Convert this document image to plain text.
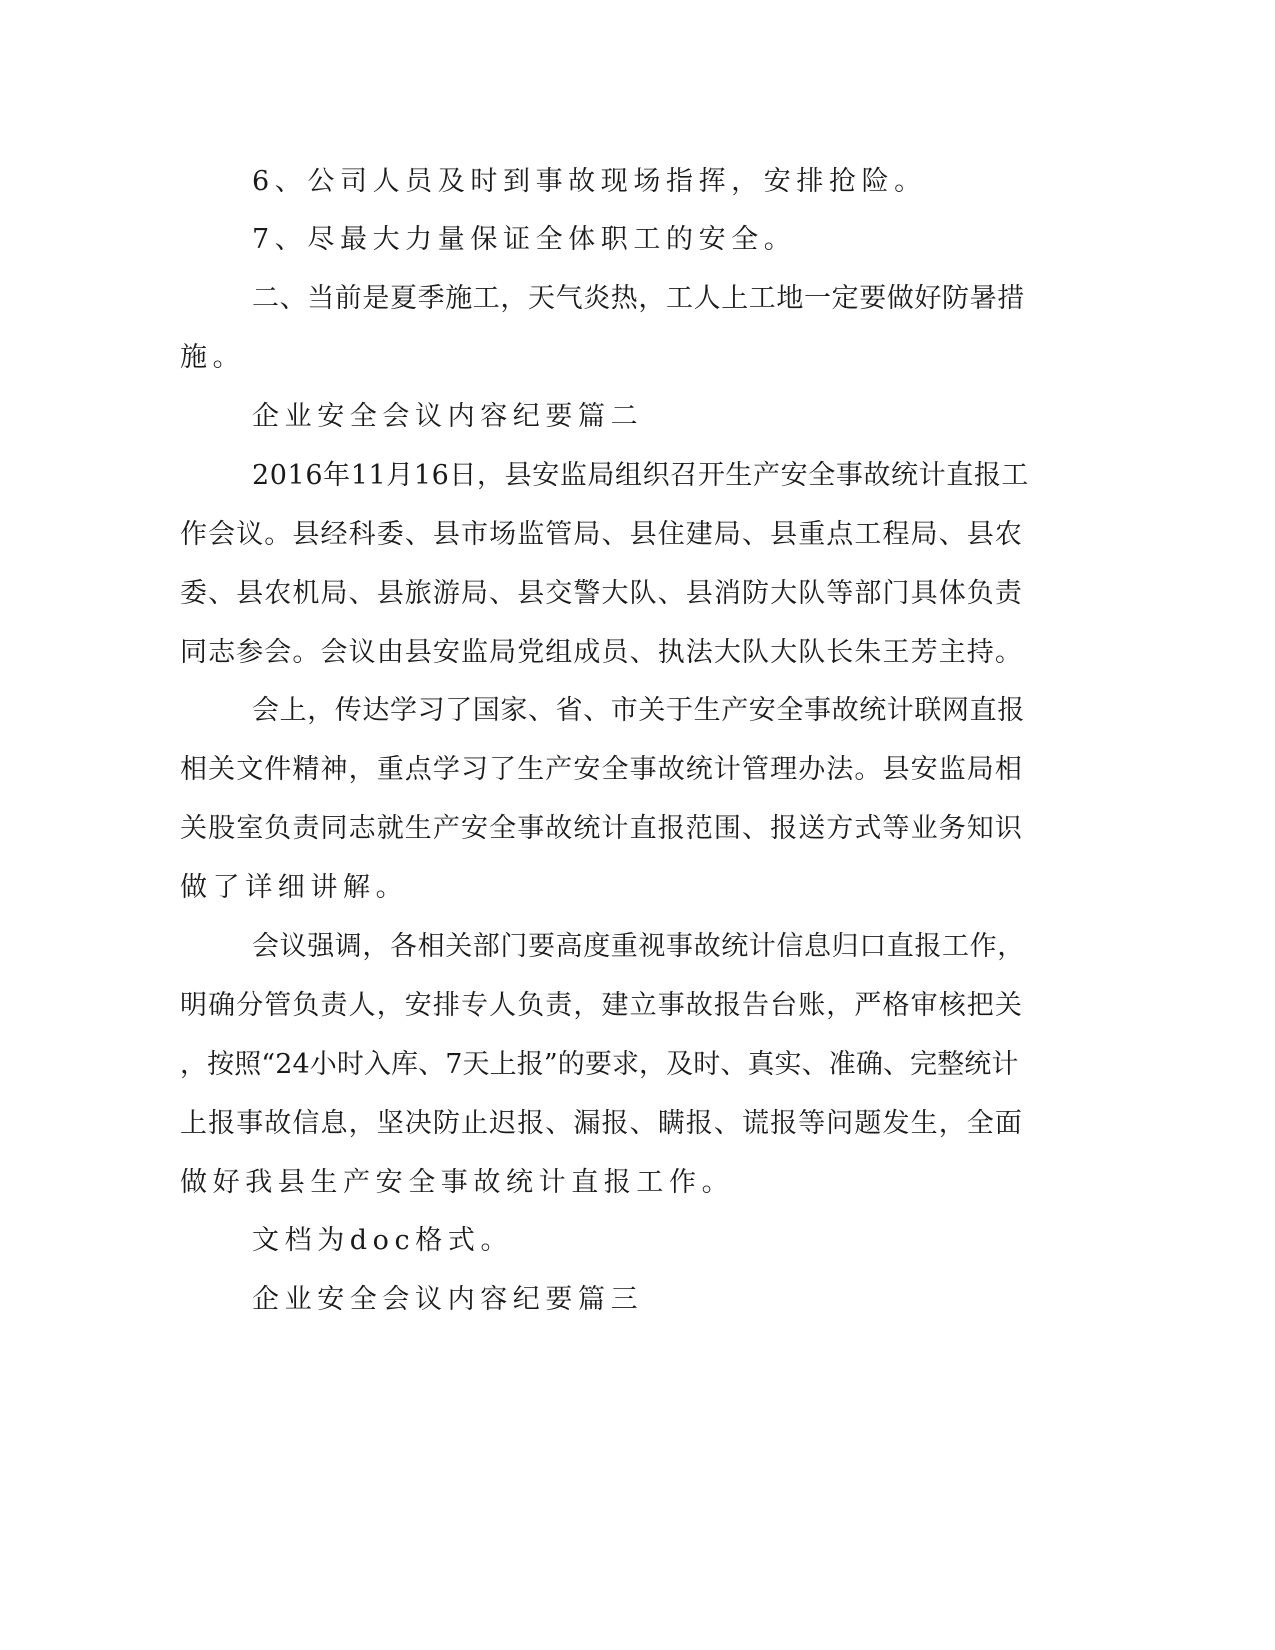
6、公司人员及时到事故现场指挥，安排抢险。
7、尽最大力量保证全体职工的安全。
二、当前是夏季施工，天气炎热，工人上工地一定要做好防暑措
施。
企业安全会议内容纪要篇二
2016年11月16日，县安监局组织召开生产安全事故统计直报工
作会议。县经科委、县市场监管局、县住建局、县重点工程局、县农
委、县农机局、县旅游局、县交警大队、县消防大队等部门具体负责
同志参会。会议由县安监局党组成员、执法大队大队长朱王芳主持。
会上，传达学习了国家、省、市关于生产安全事故统计联网直报
相关文件精神，重点学习了生产安全事故统计管理办法。县安监局相
关股室负责同志就生产安全事故统计直报范围、报送方式等业务知识
做了详细讲解。
会议强调，各相关部门要高度重视事故统计信息归口直报工作，
明确分管负责人，安排专人负责，建立事故报告台账，严格审核把关
，按照“24小时入库、7天上报”的要求，及时、真实、准确、完整统计
上报事故信息，坚决防止迟报、漏报、瞒报、谎报等问题发生，全面
做好我县生产安全事故统计直报工作。
文档为doc格式。
企业安全会议内容纪要篇三
